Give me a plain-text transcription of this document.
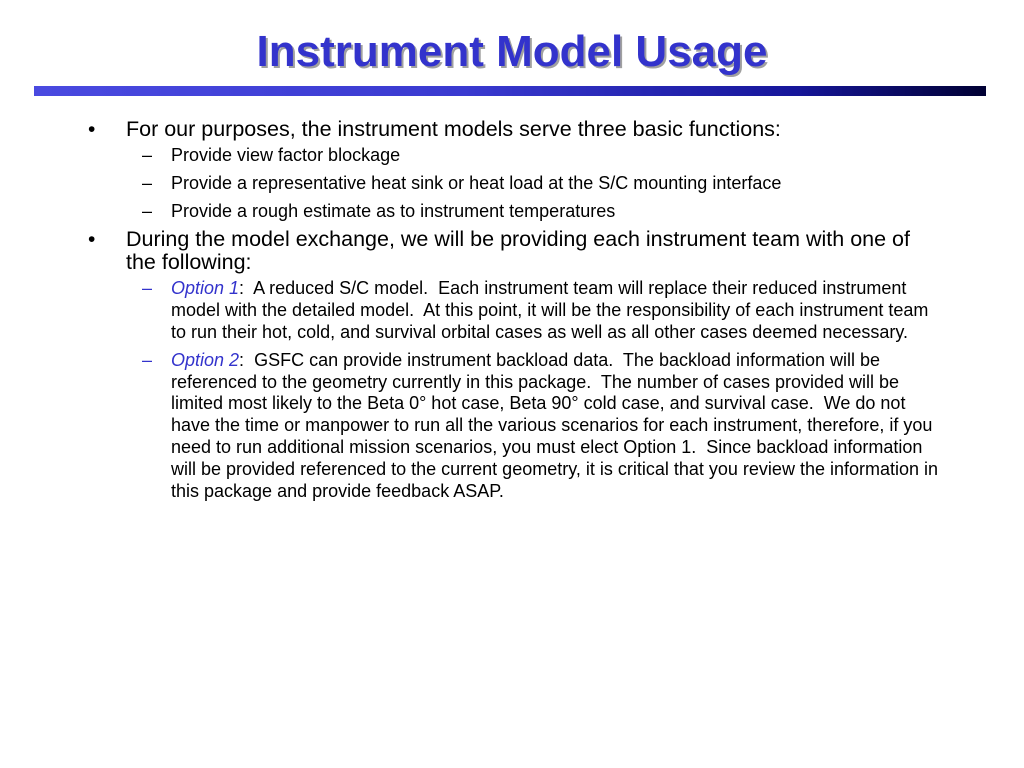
Instrument Model Usage
• For our purposes, the instrument models serve three basic functions:
– Provide view factor blockage
– Provide a representative heat sink or heat load at the S/C mounting interface
– Provide a rough estimate as to instrument temperatures
• During the model exchange, we will be providing each instrument team with one of the following:
– Option 1:  A reduced S/C model.  Each instrument team will replace their reduced instrument model with the detailed model.  At this point, it will be the responsibility of each instrument team to run their hot, cold, and survival orbital cases as well as all other cases deemed necessary.
– Option 2:  GSFC can provide instrument backload data.  The backload information will be referenced to the geometry currently in this package.  The number of cases provided will be limited most likely to the Beta 0° hot case, Beta 90° cold case, and survival case.  We do not have the time or manpower to run all the various scenarios for each instrument, therefore, if you need to run additional mission scenarios, you must elect Option 1.  Since backload information will be provided referenced to the current geometry, it is critical that you review the information in this package and provide feedback ASAP.
